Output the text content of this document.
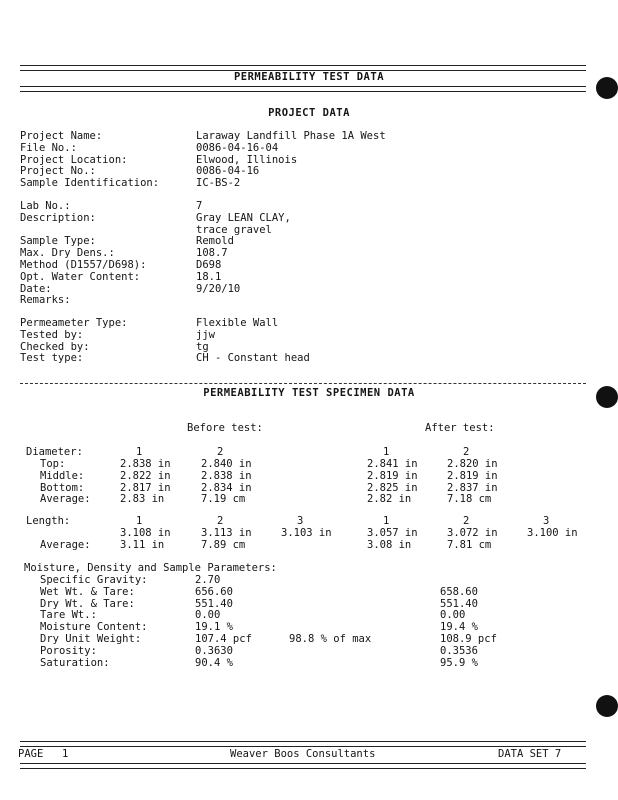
PERMEABILITY TEST DATA
PROJECT DATA
Project Name:	Laraway Landfill Phase 1A West
File No.:	0086-04-16-04
Project Location:	Elwood, Illinois
Project No.:	0086-04-16
Sample Identification:	IC-BS-2
Lab No.:	7
Description:	Gray LEAN CLAY,
trace gravel
Sample Type:	Remold
Max. Dry Dens.:	108.7
Method (D1557/D698):	D698
Opt. Water Content:	18.1
Date:	9/20/10
Remarks:
Permeameter Type:	Flexible Wall
Tested by:	jjw
Checked by:	tg
Test type:	CH - Constant head
PERMEABILITY TEST SPECIMEN DATA
Before test:	After test:
Diameter:	1	2	1	2
Top:	2.838 in	2.840 in	2.841 in	2.820 in
Middle:	2.822 in	2.838 in	2.819 in	2.819 in
Bottom:	2.817 in	2.834 in	2.825 in	2.837 in
Average:	2.83 in	7.19 cm	2.82 in	7.18 cm
Length:	1	2	3	1	2	3
3.108 in	3.113 in	3.103 in	3.057 in	3.072 in	3.100 in
Average:	3.11 in	7.89 cm	3.08 in	7.81 cm
Moisture, Density and Sample Parameters:
Specific Gravity:	2.70
Wet Wt. & Tare:	656.60	658.60
Dry Wt. & Tare:	551.40	551.40
Tare Wt.:	0.00	0.00
Moisture Content:	19.1 %	19.4 %
Dry Unit Weight:	107.4 pcf	98.8 % of max	108.9 pcf
Porosity:	0.3630	0.3536
Saturation:	90.4 %	95.9 %
PAGE 1	Weaver Boos Consultants	DATA SET 7
